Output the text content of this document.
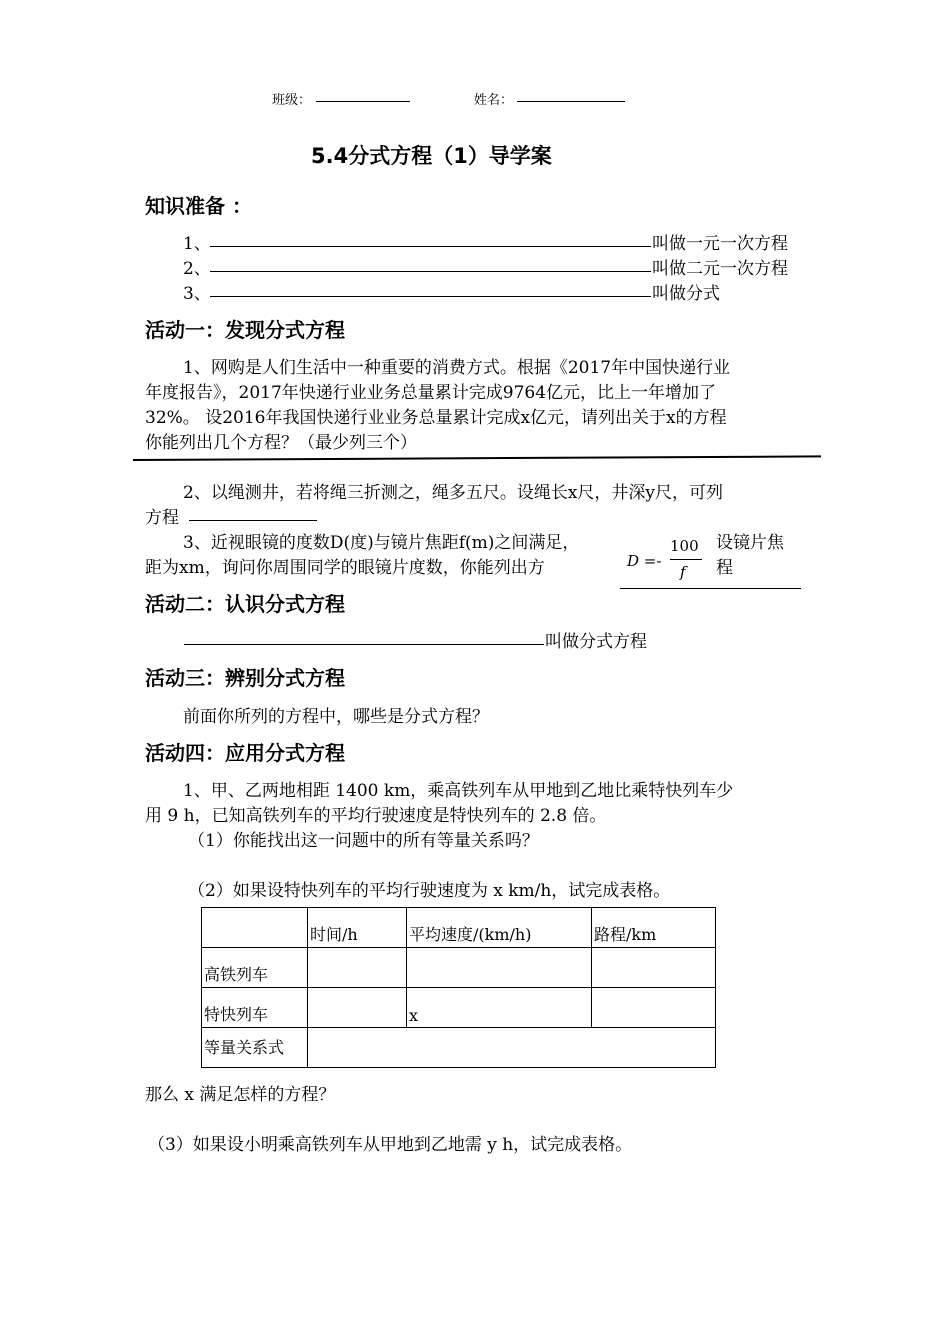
班级：	姓名：
5.4分式方程（1）导学案
知识准备 ：
1、	叫做一元一次方程
2、	叫做二元一次方程
3、	叫做分式
活动一：发现分式方程
1、网购是人们生活中一种重要的消费方式。根据《2017年中国快递行业
年度报告》，2017年快递行业业务总量累计完成9764亿元，比上一年增加了
32%。 设2016年我国快递行业业务总量累计完成x亿元，请列出关于x的方程
你能列出几个方程？（最少列三个）
2、以绳测井，若将绳三折测之，绳多五尺。设绳长x尺，井深y尺，可列
方程
3、近视眼镜的度数D(度)与镜片焦距f(m)之间满足，
距为xm，询问你周围同学的眼镜片度数，你能列出方
设镜片焦
程
D =-
100
f
活动二：认识分式方程
叫做分式方程
活动三：辨别分式方程
前面你所列的方程中，哪些是分式方程？
活动四：应用分式方程
1、甲、乙两地相距 1400 km，乘高铁列车从甲地到乙地比乘特快列车少
用 9 h，已知高铁列车的平均行驶速度是特快列车的 2.8 倍。
（1）你能找出这一问题中的所有等量关系吗？
（2）如果设特快列车的平均行驶速度为 x km/h，试完成表格。
	时间/h	平均速度/(km/h)	路程/km
高铁列车			
特快列车		x	
等量关系式			
那么 x 满足怎样的方程？
（3）如果设小明乘高铁列车从甲地到乙地需 y h，试完成表格。
